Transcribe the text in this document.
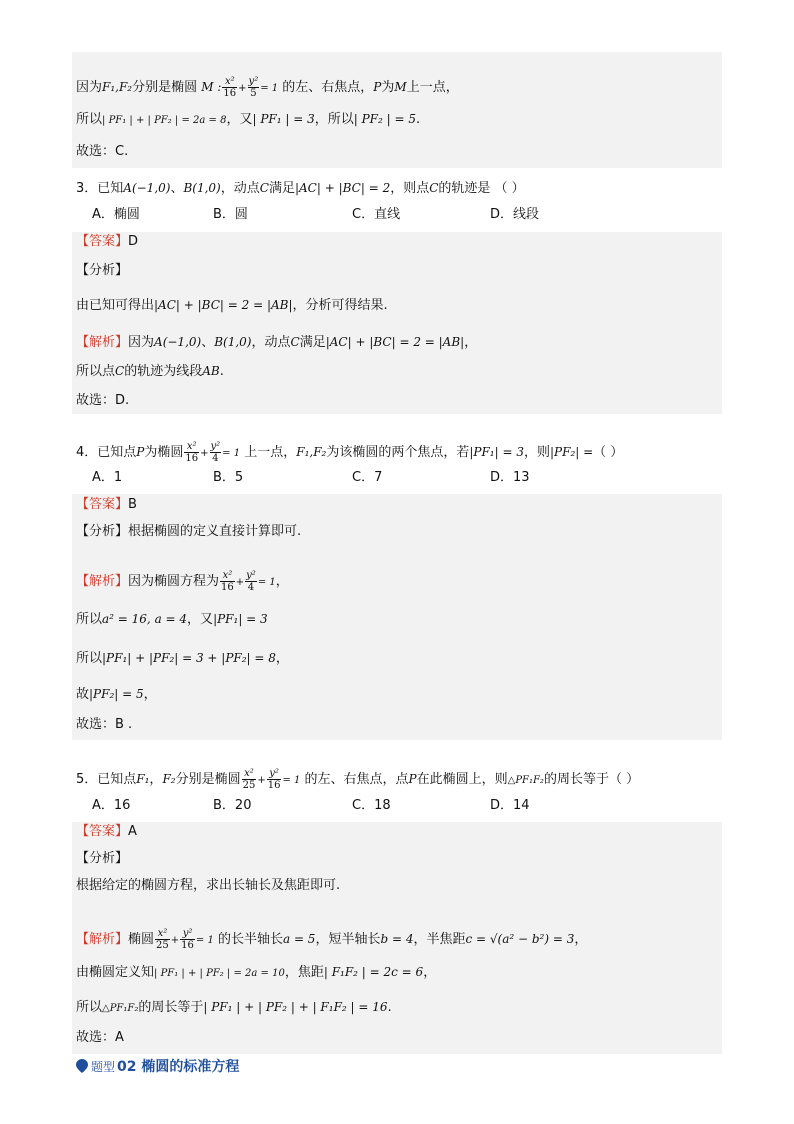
因为F₁,F₂分别是椭圆 M : $\frac{\text{x²}}{16} + \frac{\text{y²}}{5} = 1$ 的左、右焦点，P为M上一点，
所以| PF₁ | + | PF₂ | = 2a = 8，又| PF₁ | = 3，所以| PF₂ | = 5.
故选：C.
3．已知A(−1,0)、B(1,0)，动点C满足|AC| + |BC| = 2，则点C的轨迹是 （ ）
A．椭圆	B．圆	C．直线	D．线段
【答案】D
【分析】
由已知可得出|AC| + |BC| = 2 = |AB|，分析可得结果.
【解析】因为A(−1,0)、B(1,0)，动点C满足|AC| + |BC| = 2 = |AB|，
所以点C的轨迹为线段AB.
故选：D.
4．已知点P为椭圆 $\frac{\text{x²}}{16} + \frac{\text{y²}}{4} = 1$ 上一点，F₁,F₂为该椭圆的两个焦点，若|PF₁| = 3，则|PF₂| =（ ）
A．1	B．5	C．7	D．13
【答案】B
【分析】根据椭圆的定义直接计算即可.
【解析】因为椭圆方程为 $\frac{\text{x²}}{16} + \frac{\text{y²}}{4} = 1$，
所以a² = 16, a = 4，又|PF₁| = 3
所以|PF₁| + |PF₂| = 3 + |PF₂| = 8，
故|PF₂| = 5，
故选：B .
5．已知点F₁，F₂分别是椭圆 $\frac{\text{x²}}{25} + \frac{\text{y²}}{16} = 1$ 的左、右焦点，点P在此椭圆上，则△PF₁F₂的周长等于（ ）
A．16	B．20	C．18	D．14
【答案】A
【分析】
根据给定的椭圆方程，求出长轴长及焦距即可.
【解析】椭圆 $\frac{\text{x²}}{25} + \frac{\text{y²}}{16} = 1$ 的长半轴长a = 5，短半轴长b = 4，半焦距c = √(a² − b²) = 3，
由椭圆定义知| PF₁ | + | PF₂ | = 2a = 10，焦距| F₁F₂ | = 2c = 6，
所以△PF₁F₂的周长等于| PF₁ | + | PF₂ | + | F₁F₂ | = 16.
故选：A
题型 02 椭圆的标准方程
